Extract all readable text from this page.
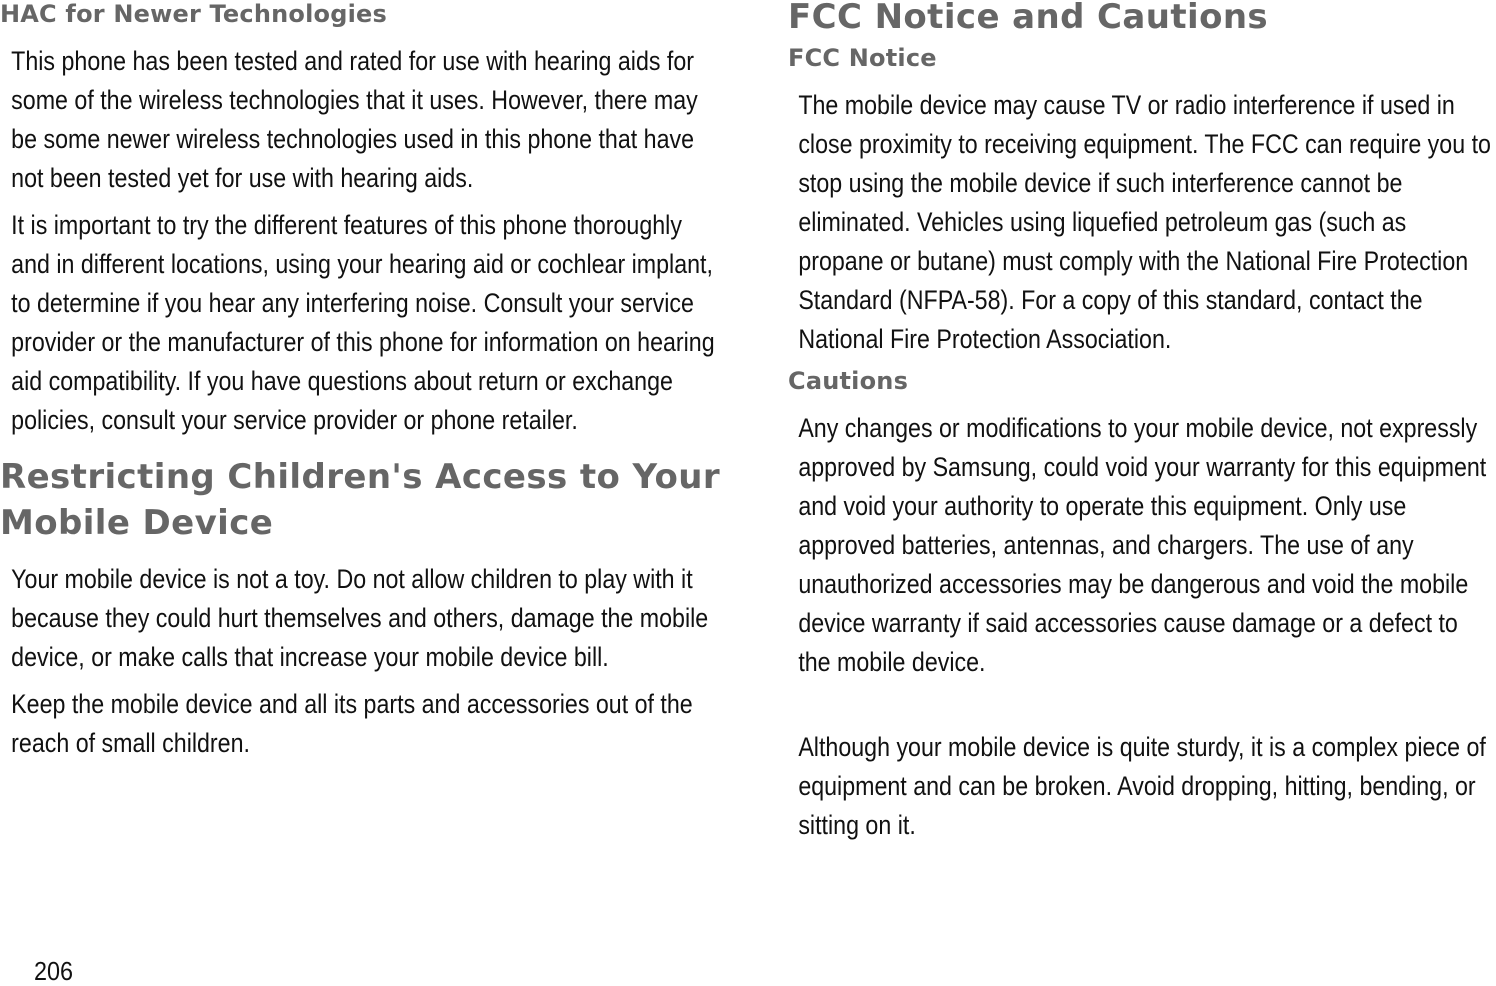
HAC for Newer Technologies

This phone has been tested and rated for use with hearing aids for some of the wireless technologies that it uses. However, there may be some newer wireless technologies used in this phone that have not been tested yet for use with hearing aids.

It is important to try the different features of this phone thoroughly and in different locations, using your hearing aid or cochlear implant, to determine if you hear any interfering noise. Consult your service provider or the manufacturer of this phone for information on hearing aid compatibility. If you have questions about return or exchange policies, consult your service provider or phone retailer.

Restricting Children's Access to Your
Mobile Device

Your mobile device is not a toy. Do not allow children to play with it because they could hurt themselves and others, damage the mobile device, or make calls that increase your mobile device bill.

Keep the mobile device and all its parts and accessories out of the reach of small children.

FCC Notice and Cautions
FCC Notice

The mobile device may cause TV or radio interference if used in close proximity to receiving equipment. The FCC can require you to stop using the mobile device if such interference cannot be eliminated. Vehicles using liquefied petroleum gas (such as propane or butane) must comply with the National Fire Protection Standard (NFPA-58). For a copy of this standard, contact the National Fire Protection Association.

Cautions

Any changes or modifications to your mobile device, not expressly approved by Samsung, could void your warranty for this equipment and void your authority to operate this equipment. Only use approved batteries, antennas, and chargers. The use of any unauthorized accessories may be dangerous and void the mobile device warranty if said accessories cause damage or a defect to the mobile device.

Although your mobile device is quite sturdy, it is a complex piece of equipment and can be broken. Avoid dropping, hitting, bending, or sitting on it.

206
